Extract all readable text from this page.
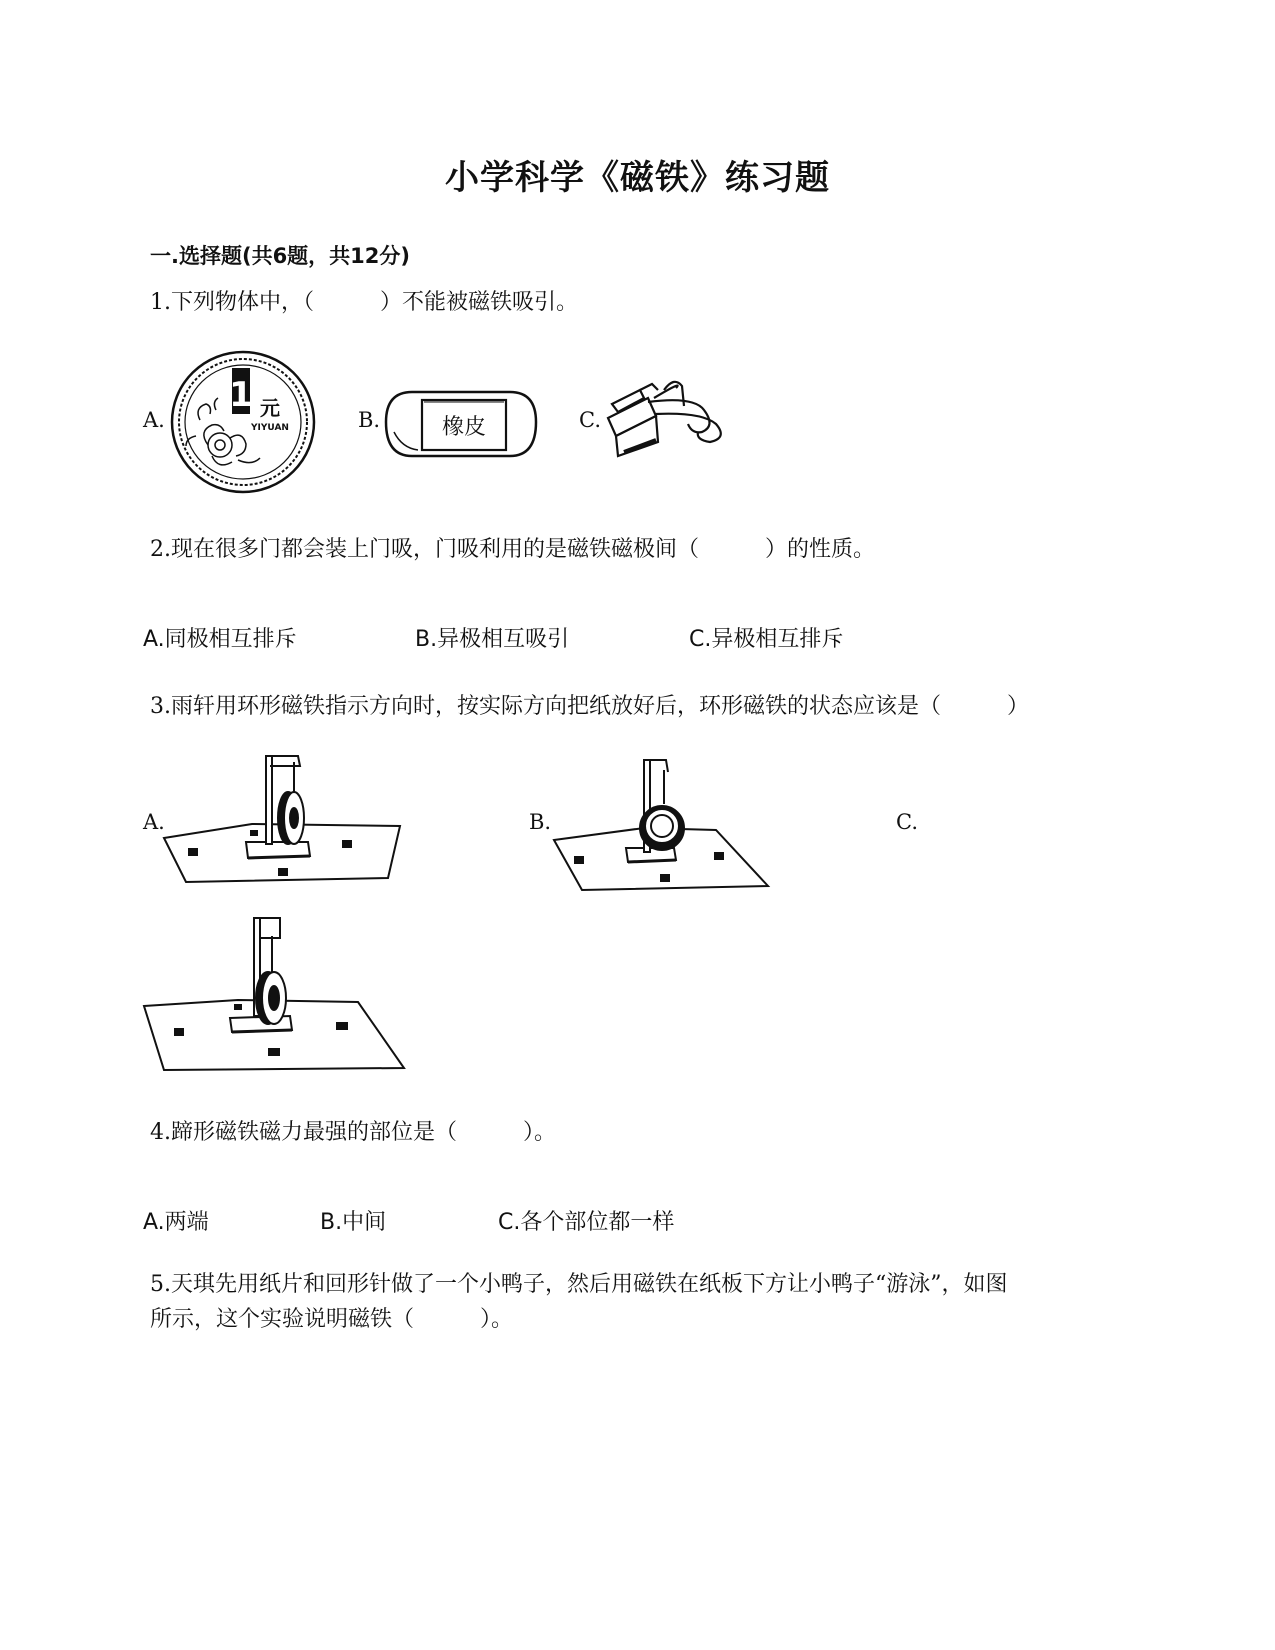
小学科学《磁铁》练习题
一.选择题(共6题，共12分)
1.下列物体中，（　　　）不能被磁铁吸引。
A.
1 元
YIYUAN	B.	橡皮	C.
2.现在很多门都会装上门吸，门吸利用的是磁铁磁极间（　　　）的性质。
A.同极相互排斥	B.异极相互吸引	C.异极相互排斥
3.雨轩用环形磁铁指示方向时，按实际方向把纸放好后，环形磁铁的状态应该是（　　　）
A.	B.	C.
4.蹄形磁铁磁力最强的部位是（　　　）。
A.两端	B.中间	C.各个部位都一样
5.天琪先用纸片和回形针做了一个小鸭子，然后用磁铁在纸板下方让小鸭子“游泳”，如图
所示，这个实验说明磁铁（　　　）。
